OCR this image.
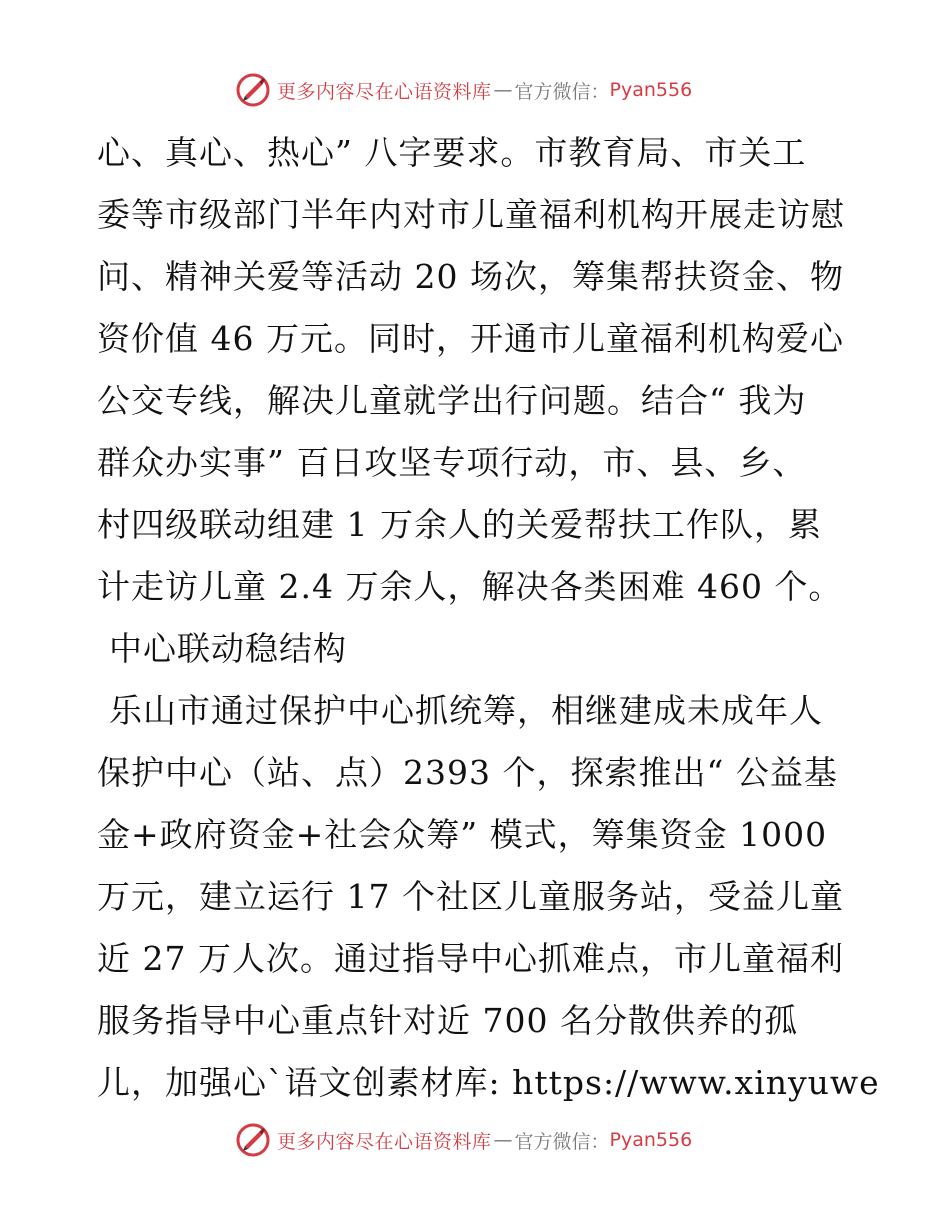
更多内容尽在心语资料库 — 官方微信： Pyan556
心、真心、热心” 八字要求。市教育局、市关工
委等市级部门半年内对市儿童福利机构开展走访慰
问、精神关爱等活动 20 场次，筹集帮扶资金、物
资价值 46 万元。同时，开通市儿童福利机构爱心
公交专线，解决儿童就学出行问题。结合“ 我为
群众办实事” 百日攻坚专项行动，市、县、乡、
村四级联动组建 1 万余人的关爱帮扶工作队，累
计走访儿童 2.4 万余人，解决各类困难 460 个。
中心联动稳结构
乐山市通过保护中心抓统筹，相继建成未成年人
保护中心（站、点）2393 个，探索推出“ 公益基
金+政府资金+社会众筹” 模式，筹集资金 1000
万元，建立运行 17 个社区儿童服务站，受益儿童
近 27 万人次。通过指导中心抓难点，市儿童福利
服务指导中心重点针对近 700 名分散供养的孤
儿，加强心`语文创素材库: https://www.xinyuwe
更多内容尽在心语资料库 — 官方微信： Pyan556
